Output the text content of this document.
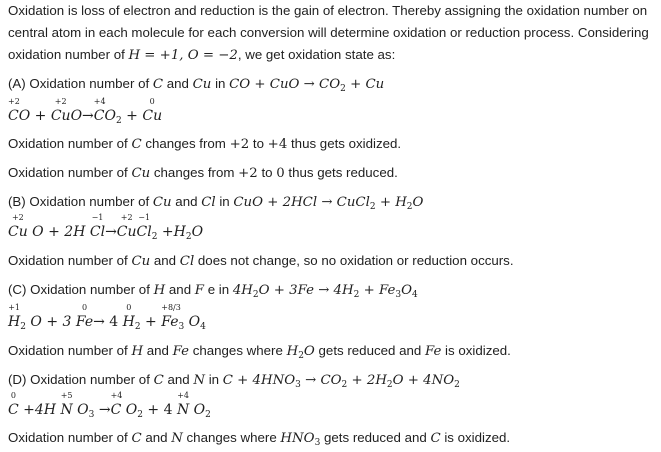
Oxidation is loss of electron and reduction is the gain of electron. Thereby assigning the oxidation number on
central atom in each molecule for each conversion will determine oxidation or reduction process. Considering
oxidation number of H = +1, O = −2, we get oxidation state as:
(A) Oxidation number of C and Cu in CO + CuO → $CO_2 + Cu$
+2
CO +
+2
CuO→
+4
$CO_2$ +
0
Cu
Oxidation number of C changes from +2 to +4 thus gets oxidized.
Oxidation number of Cu changes from +2 to 0 thus gets reduced.
(B) Oxidation number of Cu and Cl in CuO + 2HCl → CuCl$_2$ + $H_2O$
+2
Cu O + 2H
−1
Cl→
+2
Cu
−1
$Cl_2 +H_2O$
Oxidation number of Cu and Cl does not change, so no oxidation or reduction occurs.
(C) Oxidation number of H and F e in $4H_2O + 3Fe \to 4H_2 + Fe_3O_4$
+1
$H_2$ O + 3
0
Fe→ 4
0
$H_2$ +
+8/3
$Fe_3$ $O_4$
Oxidation number of H and Fe changes where $H_2O$ gets reduced and Fe is oxidized.
(D) Oxidation number of C and N in $C + 4HNO_3 \to CO_2 + 2H_2O + 4NO_2$
0
C +4H
+5
N $O_3$ →
+4
C $O_2 + 4$
+4
N $O_2$
Oxidation number of C and N changes where $HNO_3$ gets reduced and C is oxidized.
